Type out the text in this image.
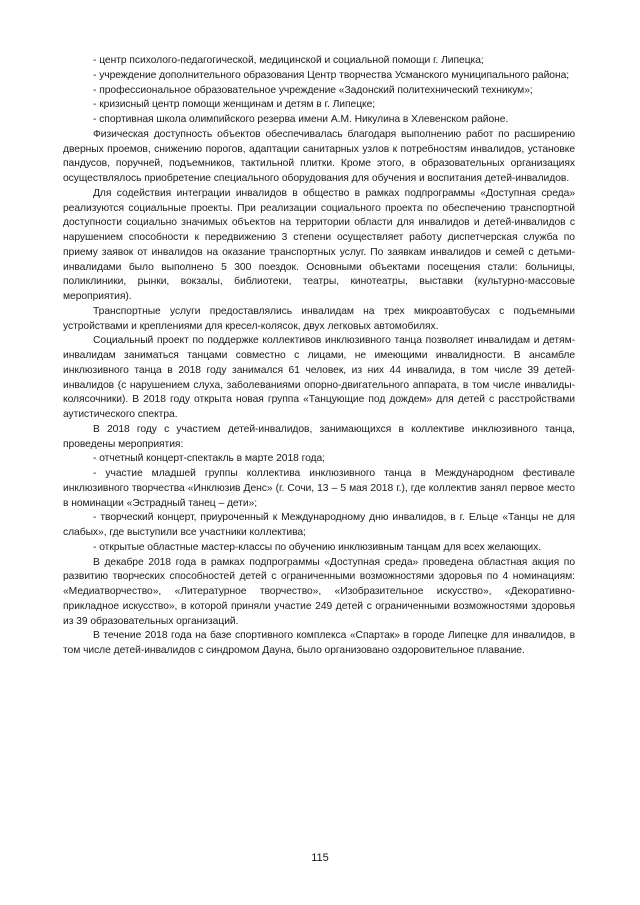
- центр психолого-педагогической, медицинской и социальной помощи г. Липецка;

- учреждение дополнительного образования Центр творчества Усманского муниципального района;

- профессиональное образовательное учреждение «Задонский политехнический техникум»;

- кризисный центр помощи женщинам и детям в г. Липецке;

- спортивная школа олимпийского резерва имени А.М. Никулина в Хлевенском районе.

Физическая доступность объектов обеспечивалась благодаря выполнению работ по расширению дверных проемов, снижению порогов, адаптации санитарных узлов к потребностям инвалидов, установке пандусов, поручней, подъемников, тактильной плитки. Кроме этого, в образовательных организациях осуществлялось приобретение специального оборудования для обучения и воспитания детей-инвалидов.

Для содействия интеграции инвалидов в общество в рамках подпрограммы «Доступная среда» реализуются социальные проекты. При реализации социального проекта по обеспечению транспортной доступности социально значимых объектов на территории области для инвалидов и детей-инвалидов с нарушением способности к передвижению 3 степени осуществляет работу диспетчерская служба по приему заявок от инвалидов на оказание транспортных услуг. По заявкам инвалидов и семей с детьми-инвалидами было выполнено 5 300 поездок. Основными объектами посещения стали: больницы, поликлиники, рынки, вокзалы, библиотеки, театры, кинотеатры, выставки (культурно-массовые мероприятия).

Транспортные услуги предоставлялись инвалидам на трех микроавтобусах с подъемными устройствами и креплениями для кресел-колясок, двух легковых автомобилях.

Социальный проект по поддержке коллективов инклюзивного танца позволяет инвалидам и детям-инвалидам заниматься танцами совместно с лицами, не имеющими инвалидности. В ансамбле инклюзивного танца в 2018 году занимался 61 человек, из них 44 инвалида, в том числе 39 детей-инвалидов (с нарушением слуха, заболеваниями опорно-двигательного аппарата, в том числе инвалиды-колясочники). В 2018 году открыта новая группа «Танцующие под дождем» для детей с расстройствами аутистического спектра.

В 2018 году с участием детей-инвалидов, занимающихся в коллективе инклюзивного танца, проведены мероприятия:

- отчетный концерт-спектакль в марте 2018 года;

- участие младшей группы коллектива инклюзивного танца в Международном фестивале инклюзивного творчества «Инклюзив Денс» (г. Сочи, 13 – 5 мая 2018 г.), где коллектив занял первое место в номинации «Эстрадный танец – дети»;

- творческий концерт, приуроченный к Международному дню инвалидов, в г. Ельце «Танцы не для слабых», где выступили все участники коллектива;

- открытые областные мастер-классы по обучению инклюзивным танцам для всех желающих.

В декабре 2018 года в рамках подпрограммы «Доступная среда» проведена областная акция по развитию творческих способностей детей с ограниченными возможностями здоровья по 4 номинациям: «Медиатворчество», «Литературное творчество», «Изобразительное искусство», «Декоративно-прикладное искусство», в которой приняли участие 249 детей с ограниченными возможностями здоровья из 39 образовательных организаций.

В течение 2018 года на базе спортивного комплекса «Спартак» в городе Липецке для инвалидов, в том числе детей-инвалидов с синдромом Дауна, было организовано оздоровительное плавание.

115
